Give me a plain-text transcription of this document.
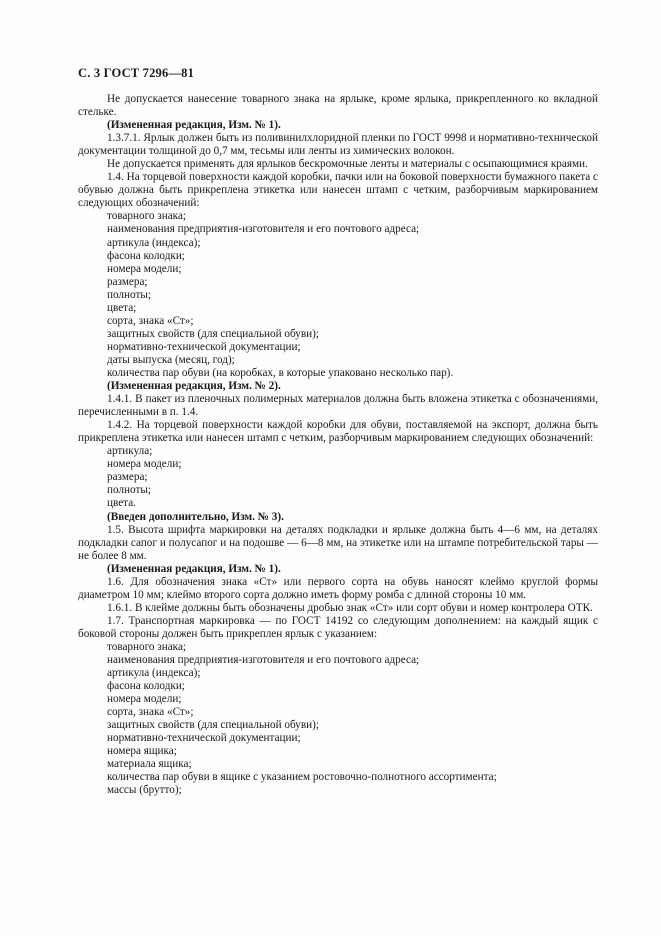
С. 3 ГОСТ 7296—81

Не допускается нанесение товарного знака на ярлыке, кроме ярлыка, прикрепленного ко вкладной стельке.

(Измененная редакция, Изм. № 1).

1.3.7.1. Ярлык должен быть из поливинилхлоридной пленки по ГОСТ 9998 и нормативно-технической документации толщиной до 0,7 мм, тесьмы или ленты из химических волокон.

Не допускается применять для ярлыков бескромочные ленты и материалы с осыпающимися краями.

1.4. На торцевой поверхности каждой коробки, пачки или на боковой поверхности бумажного пакета с обувью должна быть прикреплена этикетка или нанесен штамп с четким, разборчивым маркированием следующих обозначений:

товарного знака;

наименования предприятия-изготовителя и его почтового адреса;

артикула (индекса);

фасона колодки;

номера модели;

размера;

полноты;

цвета;

сорта, знака «Ст»;

защитных свойств (для специальной обуви);

нормативно-технической документации;

даты выпуска (месяц, год);

количества пар обуви (на коробках, в которые упаковано несколько пар).

(Измененная редакция, Изм. № 2).

1.4.1. В пакет из пленочных полимерных материалов должна быть вложена этикетка с обозначениями, перечисленными в п. 1.4.

1.4.2. На торцевой поверхности каждой коробки для обуви, поставляемой на экспорт, должна быть прикреплена этикетка или нанесен штамп с четким, разборчивым маркированием следующих обозначений:

артикула;

номера модели;

размера;

полноты;

цвета.

(Введен дополнительно, Изм. № 3).

1.5. Высота шрифта маркировки на деталях подкладки и ярлыке должна быть 4—6 мм, на деталях подкладки сапог и полусапог и на подошве — 6—8 мм, на этикетке или на штампе потребительской тары — не более 8 мм.

(Измененная редакция, Изм. № 1).

1.6. Для обозначения знака «Ст» или первого сорта на обувь наносят клеймо круглой формы диаметром 10 мм; клеймо второго сорта должно иметь форму ромба с длиной стороны 10 мм.

1.6.1. В клейме должны быть обозначены дробью знак «Ст» или сорт обуви и номер контролера ОТК.

1.7. Транспортная маркировка — по ГОСТ 14192 со следующим дополнением: на каждый ящик с боковой стороны должен быть прикреплен ярлык с указанием:

товарного знака;

наименования предприятия-изготовителя и его почтового адреса;

артикула (индекса);

фасона колодки;

номера модели;

сорта, знака «Ст»;

защитных свойств (для специальной обуви);

нормативно-технической документации;

номера ящика;

материала ящика;

количества пар обуви в ящике с указанием ростовочно-полнотного ассортимента;

массы (брутто);
